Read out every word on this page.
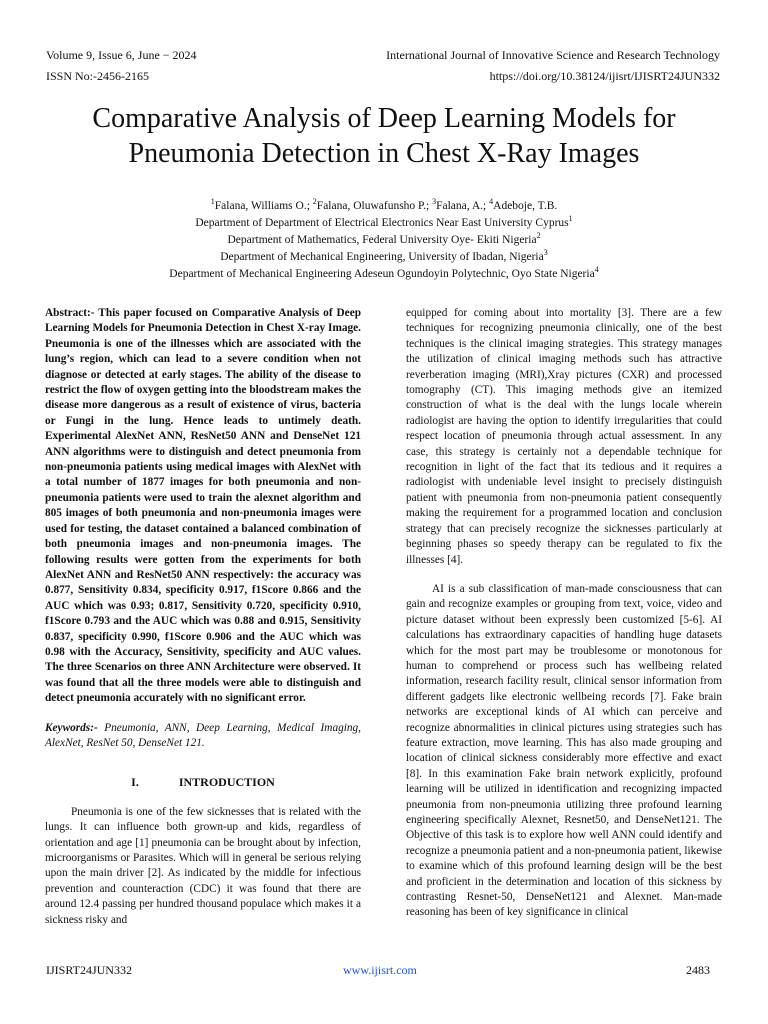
Volume 9, Issue 6, June − 2024	International Journal of Innovative Science and Research Technology
ISSN No:-2456-2165	https://doi.org/10.38124/ijisrt/IJISRT24JUN332
Comparative Analysis of Deep Learning Models for
Pneumonia Detection in Chest X-Ray Images
$^1$Falana, Williams O.; $^2$Falana, Oluwafunsho P.; $^3$Falana, A.; $^4$Adeboje, T.B.
Department of Department of Electrical Electronics Near East University Cyprus$^1$
Department of Mathematics, Federal University Oye- Ekiti Nigeria$^2$
Department of Mechanical Engineering, University of Ibadan, Nigeria$^3$
Department of Mechanical Engineering Adeseun Ogundoyin Polytechnic, Oyo State Nigeria$^4$

Abstract:- This paper focused on Comparative Analysis of Deep Learning Models for Pneumonia Detection in Chest X-ray Image. Pneumonia is one of the illnesses which are associated with the lung’s region, which can lead to a severe condition when not diagnose or detected at early stages. The ability of the disease to restrict the flow of oxygen getting into the bloodstream makes the disease more dangerous as a result of existence of virus, bacteria or Fungi in the lung. Hence leads to untimely death. Experimental AlexNet ANN, ResNet50 ANN and DenseNet 121 ANN algorithms were to distinguish and detect pneumonia from non-pneumonia patients using medical images with AlexNet with a total number of 1877 images for both pneumonia and non-pneumonia patients were used to train the alexnet algorithm and 805 images of both pneumonia and non-pneumonia images were used for testing, the dataset contained a balanced combination of both pneumonia images and non-pneumonia images. The following results were gotten from the experiments for both AlexNet ANN and ResNet50 ANN respectively: the accuracy was 0.877, Sensitivity 0.834, specificity 0.917, f1Score 0.866 and the AUC which was 0.93; 0.817, Sensitivity 0.720, specificity 0.910, f1Score 0.793 and the AUC which was 0.88 and 0.915, Sensitivity 0.837, specificity 0.990, f1Score 0.906 and the AUC which was 0.98 with the Accuracy, Sensitivity, specificity and AUC values. The three Scenarios on three ANN Architecture were observed. It was found that all the three models were able to distinguish and detect pneumonia accurately with no significant error.

Keywords:- Pneumonia, ANN, Deep Learning, Medical Imaging, AlexNet, ResNet 50, DenseNet 121.

I.	INTRODUCTION

Pneumonia is one of the few sicknesses that is related with the lungs. It can influence both grown-up and kids, regardless of orientation and age [1] pneumonia can be brought about by infection, microorganisms or Parasites. Which will in general be serious relying upon the main driver [2]. As indicated by the middle for infectious prevention and counteraction (CDC) it was found that there are around 12.4 passing per hundred thousand populace which makes it a sickness risky and

equipped for coming about into mortality [3]. There are a few techniques for recognizing pneumonia clinically, one of the best techniques is the clinical imaging strategies. This strategy manages the utilization of clinical imaging methods such has attractive reverberation imaging (MRI),Xray pictures (CXR) and processed tomography (CT). This imaging methods give an itemized construction of what is the deal with the lungs locale wherein radiologist are having the option to identify irregularities that could respect location of pneumonia through actual assessment. In any case, this strategy is certainly not a dependable technique for recognition in light of the fact that its tedious and it requires a radiologist with undeniable level insight to precisely distinguish patient with pneumonia from non-pneumonia patient consequently making the requirement for a programmed location and conclusion strategy that can precisely recognize the sicknesses particularly at beginning phases so speedy therapy can be regulated to fix the illnesses [4].

AI is a sub classification of man-made consciousness that can gain and recognize examples or grouping from text, voice, video and picture dataset without been expressly been customized [5-6]. AI calculations has extraordinary capacities of handling huge datasets which for the most part may be troublesome or monotonous for human to comprehend or process such has wellbeing related information, research facility result, clinical sensor information from different gadgets like electronic wellbeing records [7]. Fake brain networks are exceptional kinds of AI which can perceive and recognize abnormalities in clinical pictures using strategies such has feature extraction, move learning. This has also made grouping and location of clinical sickness considerably more effective and exact [8]. In this examination Fake brain network explicitly, profound learning will be utilized in identification and recognizing impacted pneumonia from non-pneumonia utilizing three profound learning engineering specifically Alexnet, Resnet50, and DenseNet121. The Objective of this task is to explore how well ANN could identify and recognize a pneumonia patient and a non-pneumonia patient, likewise to examine which of this profound learning design will be the best and proficient in the determination and location of this sickness by contrasting Resnet-50, DenseNet121 and Alexnet. Man-made reasoning has been of key significance in clinical

IJISRT24JUN332	www.ijisrt.com	2483
